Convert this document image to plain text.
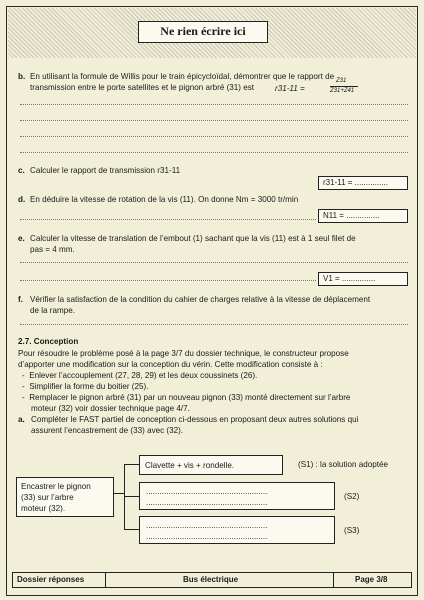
Ne rien écrire ici
b. En utilisant la formule de Willis pour le train épicycloïdal, démontrer que le rapport de
transmission entre le porte satellites et le pignon arbré (31) est	r31-11 =
Z31
Z31+Z41
c. Calculer le rapport de transmission r31-11
r31-11 = ...............
d. En déduire la vitesse de rotation de la vis (11). On donne Nm = 3000 tr/min
N11 = ...............
e. Calculer la vitesse de translation de l’embout (1) sachant que la vis (11) est à 1 seul filet de
pas = 4 mm.
V1 = ...............
f. Vérifier la satisfaction de la condition du cahier de charges relative à la vitesse de déplacement
de la rampe.
2.7. Conception
Pour résoudre le problème posé à la page 3/7 du dossier technique, le constructeur propose
d’apporter une modification sur la conception du vérin. Cette modification consiste à :
-  Enlever l’accouplement (27, 28, 29) et les deux coussinets (26).
-  Simplifier la forme du boitier (25).
-  Remplacer le pignon arbré (31) par un nouveau pignon (33) monté directement sur l’arbre
moteur (32) voir dossier technique page 4/7.
a. Compléter le FAST partiel de conception ci-dessous en proposant deux autres solutions qui
assurent l’encastrement de (33) avec (32).
Encastrer le pignon
(33) sur l’arbre
moteur (32).
Clavette + vis + rondelle.	(S1) : la solution adoptée
......................................................
......................................................
(S2)
......................................................
......................................................
(S3)
Dossier réponses	Bus électrique	Page 3/8
